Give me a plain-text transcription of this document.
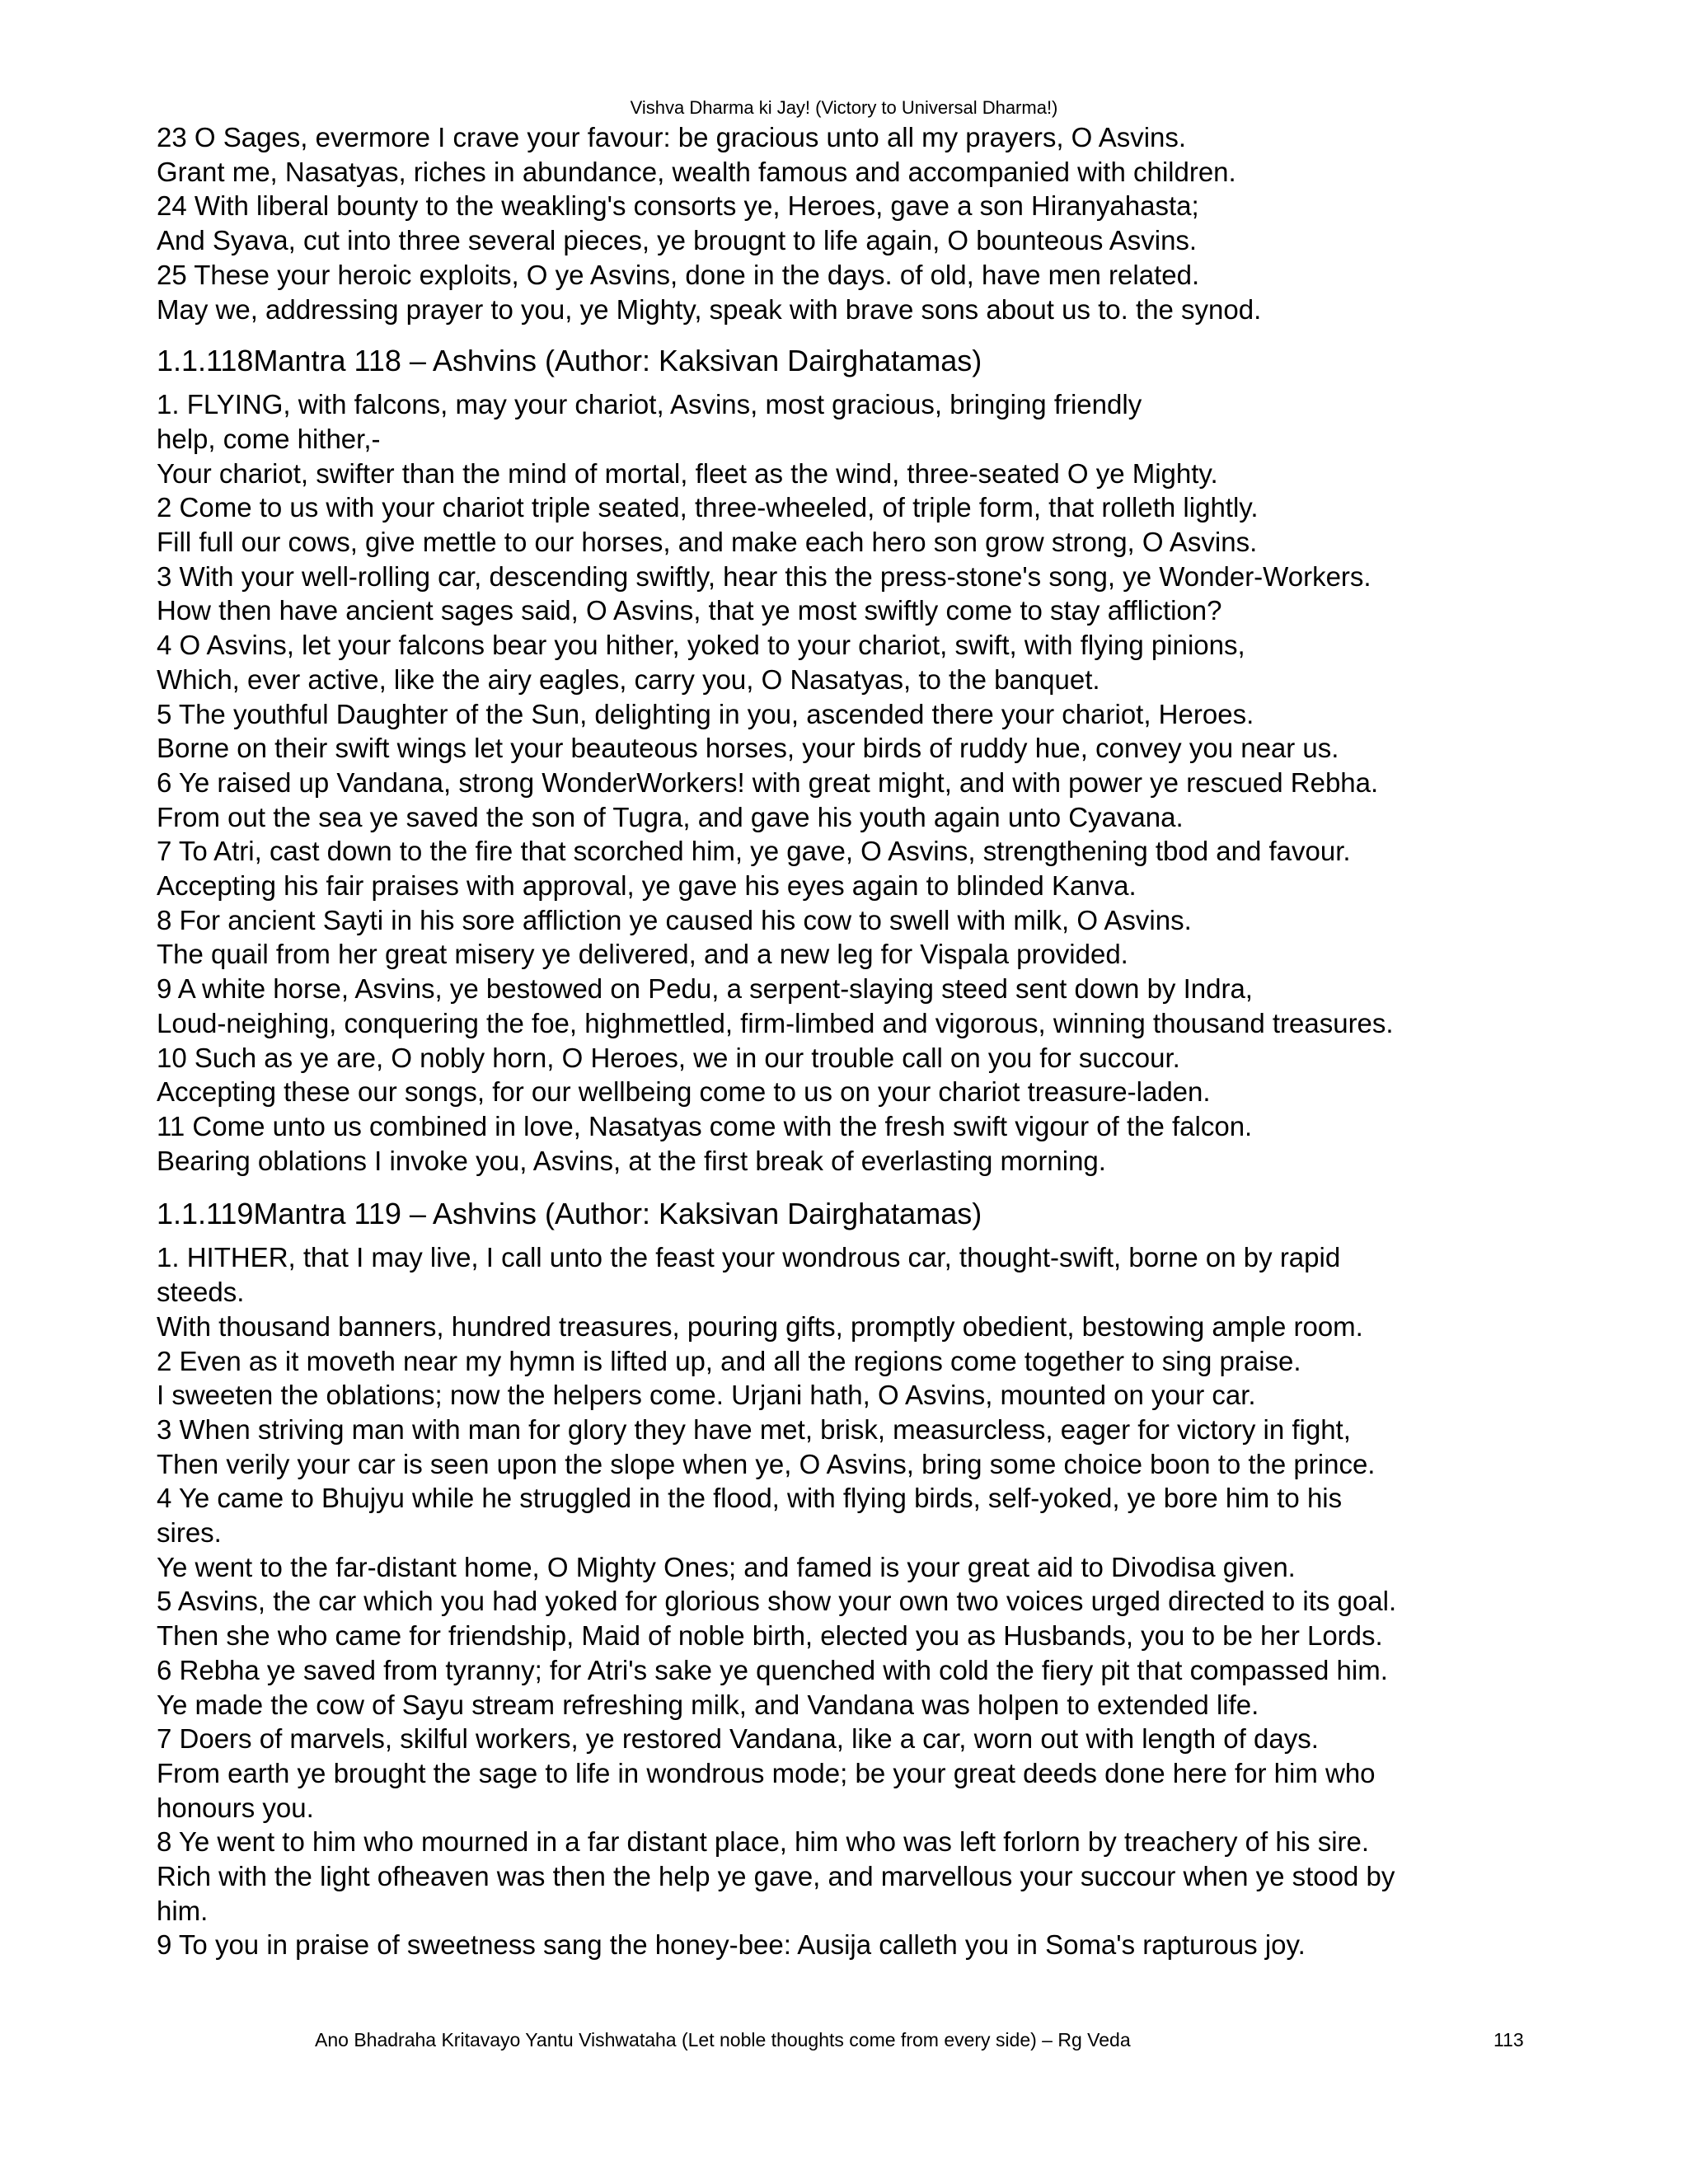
Vishva Dharma ki Jay! (Victory to Universal Dharma!)
23 O Sages, evermore I crave your favour: be gracious unto all my prayers, O Asvins.
Grant me, Nasatyas, riches in abundance, wealth famous and accompanied with children.
24 With liberal bounty to the weakling's consorts ye, Heroes, gave a son Hiranyahasta;
And Syava, cut into three several pieces, ye brougnt to life again, O bounteous Asvins.
25 These your heroic exploits, O ye Asvins, done in the days. of old, have men related.
May we, addressing prayer to you, ye Mighty, speak with brave sons about us to. the synod.
1.1.118Mantra 118 – Ashvins (Author: Kaksivan Dairghatamas)
1. FLYING, with falcons, may your chariot, Asvins, most gracious, bringing friendly
help, come hither,-
Your chariot, swifter than the mind of mortal, fleet as the wind, three-seated O ye Mighty.
2 Come to us with your chariot triple seated, three-wheeled, of triple form, that rolleth lightly.
Fill full our cows, give mettle to our horses, and make each hero son grow strong, O Asvins.
3 With your well-rolling car, descending swiftly, hear this the press-stone's song, ye Wonder-Workers.
How then have ancient sages said, O Asvins, that ye most swiftly come to stay affliction?
4 O Asvins, let your falcons bear you hither, yoked to your chariot, swift, with flying pinions,
Which, ever active, like the airy eagles, carry you, O Nasatyas, to the banquet.
5 The youthful Daughter of the Sun, delighting in you, ascended there your chariot, Heroes.
Borne on their swift wings let your beauteous horses, your birds of ruddy hue, convey you near us.
6 Ye raised up Vandana, strong WonderWorkers! with great might, and with power ye rescued Rebha.
From out the sea ye saved the son of Tugra, and gave his youth again unto Cyavana.
7 To Atri, cast down to the fire that scorched him, ye gave, O Asvins, strengthening tbod and favour.
Accepting his fair praises with approval, ye gave his eyes again to blinded Kanva.
8 For ancient Sayti in his sore affliction ye caused his cow to swell with milk, O Asvins.
The quail from her great misery ye delivered, and a new leg for Vispala provided.
9 A white horse, Asvins, ye bestowed on Pedu, a serpent-slaying steed sent down by Indra,
Loud-neighing, conquering the foe, highmettled, firm-limbed and vigorous, winning thousand treasures.
10 Such as ye are, O nobly horn, O Heroes, we in our trouble call on you for succour.
Accepting these our songs, for our wellbeing come to us on your chariot treasure-laden.
11 Come unto us combined in love, Nasatyas come with the fresh swift vigour of the falcon.
Bearing oblations I invoke you, Asvins, at the first break of everlasting morning.
1.1.119Mantra 119 – Ashvins (Author: Kaksivan Dairghatamas)
1. HITHER, that I may live, I call unto the feast your wondrous car, thought-swift, borne on by rapid
steeds.
With thousand banners, hundred treasures, pouring gifts, promptly obedient, bestowing ample room.
2 Even as it moveth near my hymn is lifted up, and all the regions come together to sing praise.
I sweeten the oblations; now the helpers come. Urjani hath, O Asvins, mounted on your car.
3 When striving man with man for glory they have met, brisk, measurcless, eager for victory in fight,
Then verily your car is seen upon the slope when ye, O Asvins, bring some choice boon to the prince.
4 Ye came to Bhujyu while he struggled in the flood, with flying birds, self-yoked, ye bore him to his
sires.
Ye went to the far-distant home, O Mighty Ones; and famed is your great aid to Divodisa given.
5 Asvins, the car which you had yoked for glorious show your own two voices urged directed to its goal.
Then she who came for friendship, Maid of noble birth, elected you as Husbands, you to be her Lords.
6 Rebha ye saved from tyranny; for Atri's sake ye quenched with cold the fiery pit that compassed him.
Ye made the cow of Sayu stream refreshing milk, and Vandana was holpen to extended life.
7 Doers of marvels, skilful workers, ye restored Vandana, like a car, worn out with length of days.
From earth ye brought the sage to life in wondrous mode; be your great deeds done here for him who
honours you.
8 Ye went to him who mourned in a far distant place, him who was left forlorn by treachery of his sire.
Rich with the light ofheaven was then the help ye gave, and marvellous your succour when ye stood by
him.
9 To you in praise of sweetness sang the honey-bee: Ausija calleth you in Soma's rapturous joy.
Ano Bhadraha Kritavayo Yantu Vishwataha (Let noble thoughts come from every side) – Rg Veda	113
